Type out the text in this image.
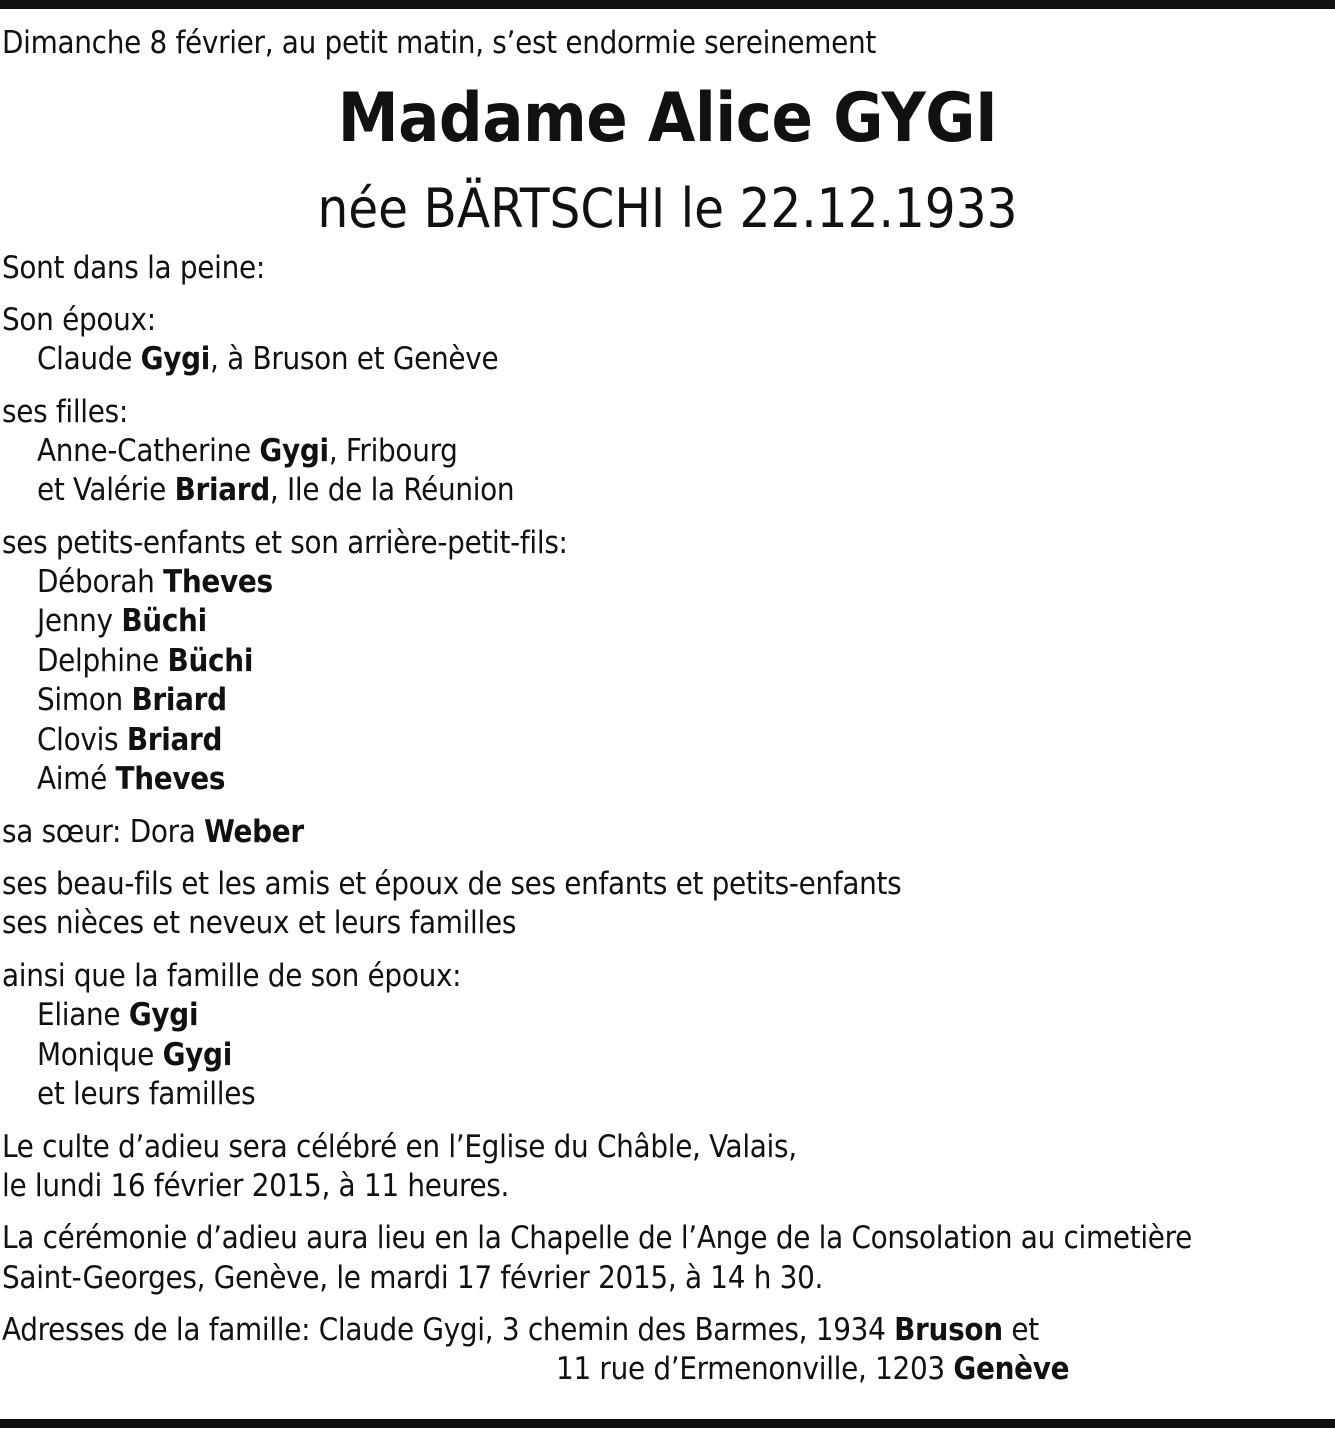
Dimanche 8 février, au petit matin, s’est endormie sereinement
Madame Alice GYGI
née BÄRTSCHI le 22.12.1933
Sont dans la peine:
Son époux:
Claude Gygi, à Bruson et Genève
ses filles:
Anne-Catherine Gygi, Fribourg
et Valérie Briard, Ile de la Réunion
ses petits-enfants et son arrière-petit-fils:
Déborah Theves
Jenny Büchi
Delphine Büchi
Simon Briard
Clovis Briard
Aimé Theves
sa sœur: Dora Weber
ses beau-fils et les amis et époux de ses enfants et petits-enfants
ses nièces et neveux et leurs familles
ainsi que la famille de son époux:
Eliane Gygi
Monique Gygi
et leurs familles
Le culte d’adieu sera célébré en l’Eglise du Châble, Valais,
le lundi 16 février 2015, à 11 heures.
La cérémonie d’adieu aura lieu en la Chapelle de l’Ange de la Consolation au cimetière
Saint-Georges, Genève, le mardi 17 février 2015, à 14 h 30.
Adresses de la famille: Claude Gygi, 3 chemin des Barmes, 1934 Bruson et
11 rue d’Ermenonville, 1203 Genève
